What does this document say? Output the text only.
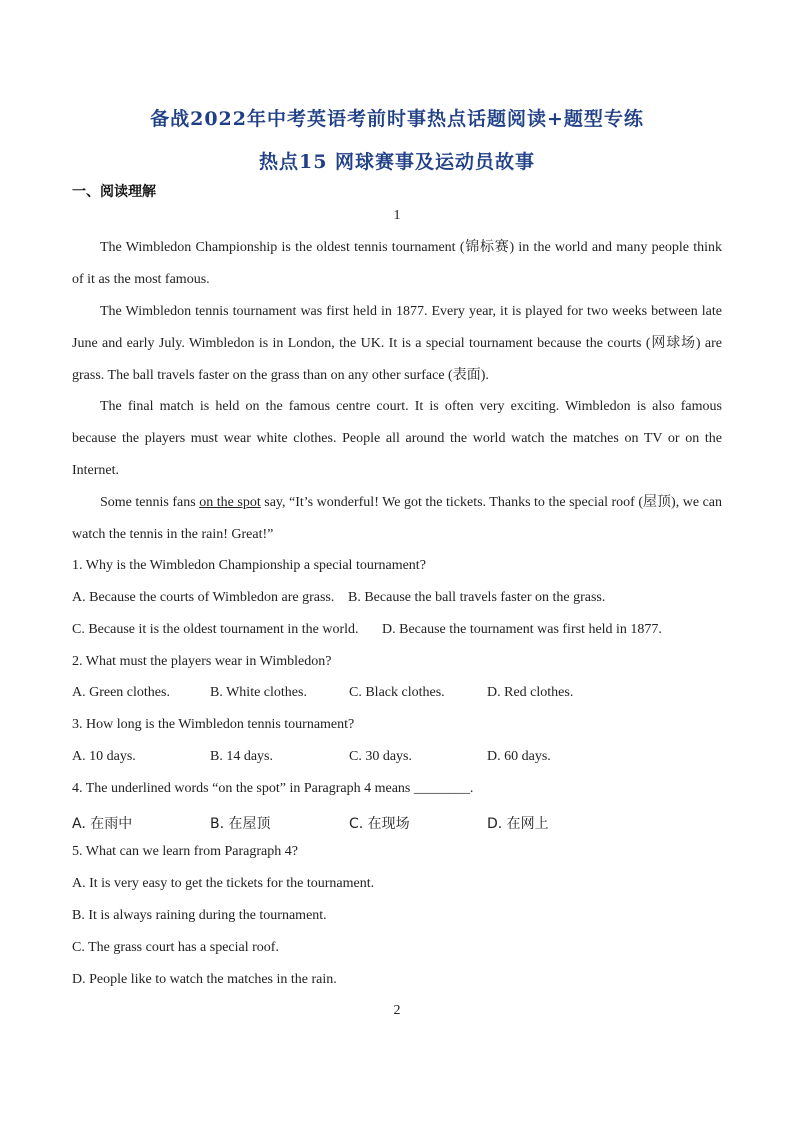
备战2022年中考英语考前时事热点话题阅读+题型专练
热点15 网球赛事及运动员故事
一、阅读理解
1

The Wimbledon Championship is the oldest tennis tournament (锦标赛) in the world and many people think of it as the most famous.

The Wimbledon tennis tournament was first held in 1877. Every year, it is played for two weeks between late June and early July. Wimbledon is in London, the UK. It is a special tournament because the courts (网球场) are grass. The ball travels faster on the grass than on any other surface (表面).

The final match is held on the famous centre court. It is often very exciting. Wimbledon is also famous because the players must wear white clothes. People all around the world watch the matches on TV or on the Internet.

Some tennis fans on the spot say, “It’s wonderful! We got the tickets. Thanks to the special roof (屋顶), we can watch the tennis in the rain! Great!”

1. Why is the Wimbledon Championship a special tournament?
A. Because the courts of Wimbledon are grass. B. Because the ball travels faster on the grass.
C. Because it is the oldest tournament in the world. D. Because the tournament was first held in 1877.
2. What must the players wear in Wimbledon?
A. Green clothes.	B. White clothes.	C. Black clothes.	D. Red clothes.
3. How long is the Wimbledon tennis tournament?
A. 10 days.	B. 14 days.	C. 30 days.	D. 60 days.
4. The underlined words “on the spot” in Paragraph 4 means ________.
A. 在雨中	B. 在屋顶	C. 在现场	D. 在网上
5. What can we learn from Paragraph 4?
A. It is very easy to get the tickets for the tournament.
B. It is always raining during the tournament.
C. The grass court has a special roof.
D. People like to watch the matches in the rain.
2
